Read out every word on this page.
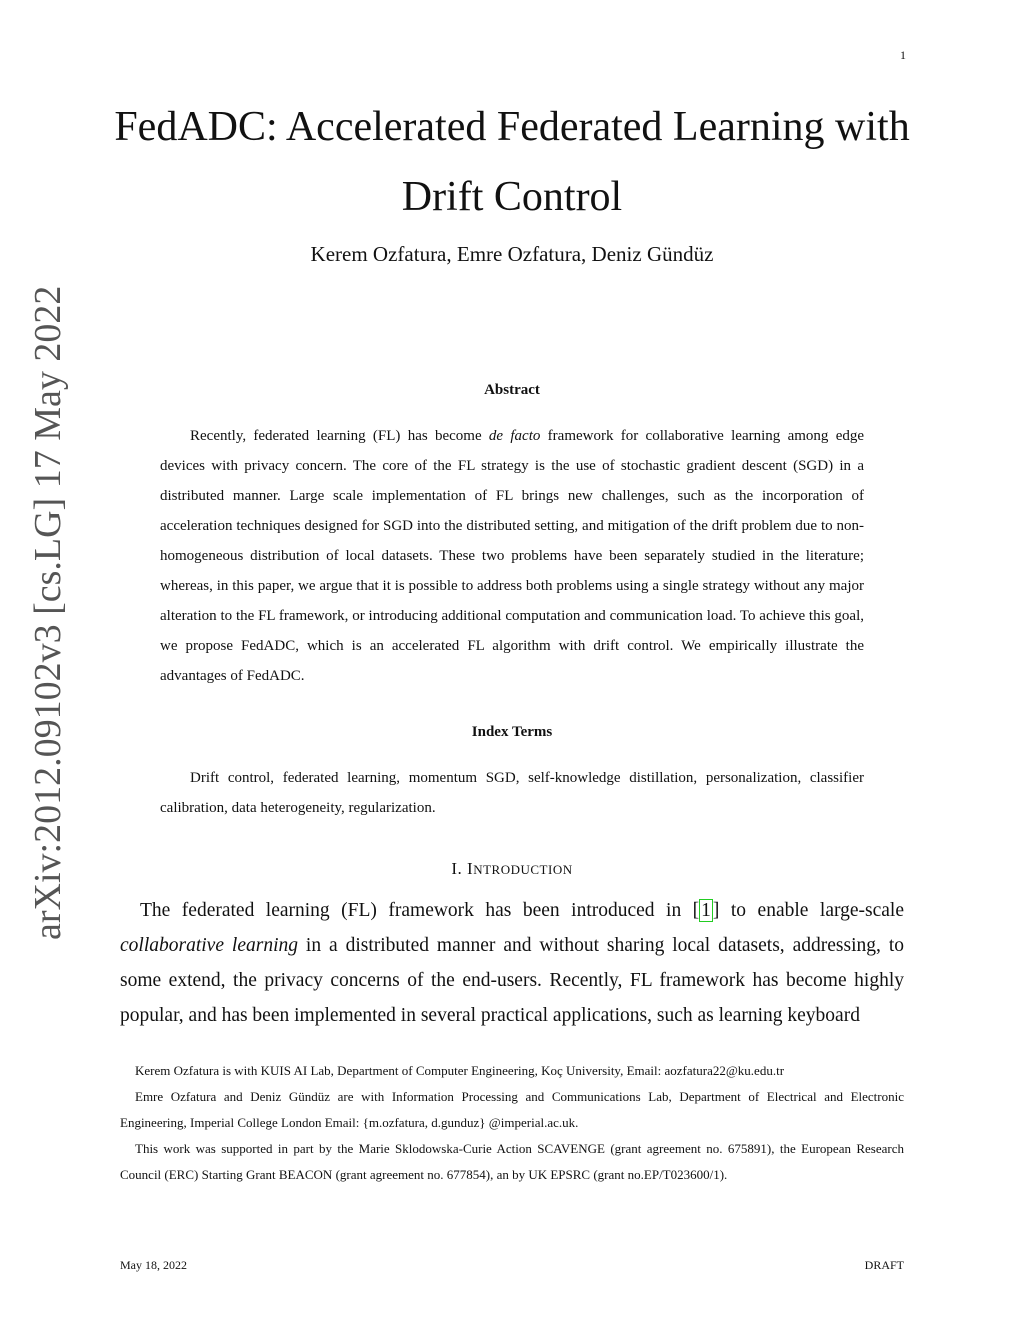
1
FedADC: Accelerated Federated Learning with
Drift Control
Kerem Ozfatura, Emre Ozfatura, Deniz Gündüz
arXiv:2012.09102v3 [cs.LG] 17 May 2022	Abstract
Recently, federated learning (FL) has become de facto framework for collaborative learning among edge devices with privacy concern. The core of the FL strategy is the use of stochastic gradient descent (SGD) in a distributed manner. Large scale implementation of FL brings new challenges, such as the incorporation of acceleration techniques designed for SGD into the distributed setting, and mitigation of the drift problem due to non-homogeneous distribution of local datasets. These two problems have been separately studied in the literature; whereas, in this paper, we argue that it is possible to address both problems using a single strategy without any major alteration to the FL framework, or introducing additional computation and communication load. To achieve this goal, we propose FedADC, which is an accelerated FL algorithm with drift control. We empirically illustrate the advantages of FedADC.
Index Terms
Drift control, federated learning, momentum SGD, self-knowledge distillation, personalization, classifier calibration, data heterogeneity, regularization.
I. INTRODUCTION
The federated learning (FL) framework has been introduced in [ 1 ] to enable large-scale collaborative learning in a distributed manner and without sharing local datasets, addressing, to some extend, the privacy concerns of the end-users. Recently, FL framework has become highly popular, and has been implemented in several practical applications, such as learning keyboard

Kerem Ozfatura is with KUIS AI Lab, Department of Computer Engineering, Koç University, Email: aozfatura22@ku.edu.tr

Emre Ozfatura and Deniz Gündüz are with Information Processing and Communications Lab, Department of Electrical and Electronic Engineering, Imperial College London Email: {m.ozfatura, d.gunduz} @imperial.ac.uk.

This work was supported in part by the Marie Sklodowska-Curie Action SCAVENGE (grant agreement no. 675891), the European Research Council (ERC) Starting Grant BEACON (grant agreement no. 677854), an by UK EPSRC (grant no.EP/T023600/1).

May 18, 2022	DRAFT
